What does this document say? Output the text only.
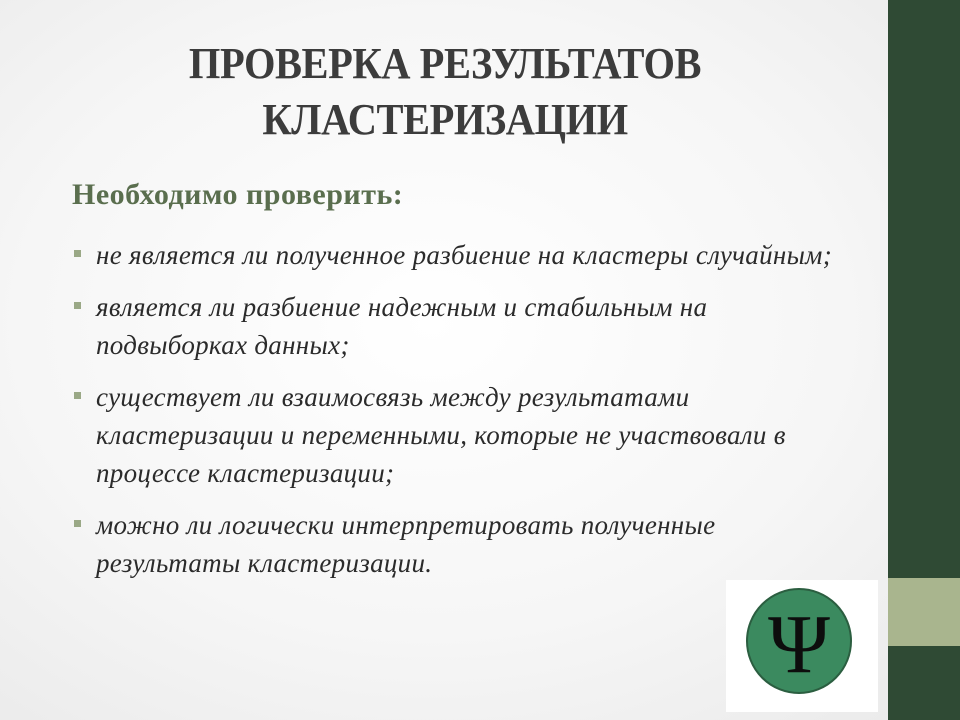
ПРОВЕРКА РЕЗУЛЬТАТОВ
КЛАСТЕРИЗАЦИИ
Необходимо проверить:
не является ли полученное разбиение на кластеры случайным;
является ли разбиение надежным и стабильным на подвыборках данных;
существует ли взаимосвязь между результатами кластеризации и переменными, которые не участвовали в процессе кластеризации;
можно ли логически интерпретировать полученные результаты кластеризации.
Ψ
